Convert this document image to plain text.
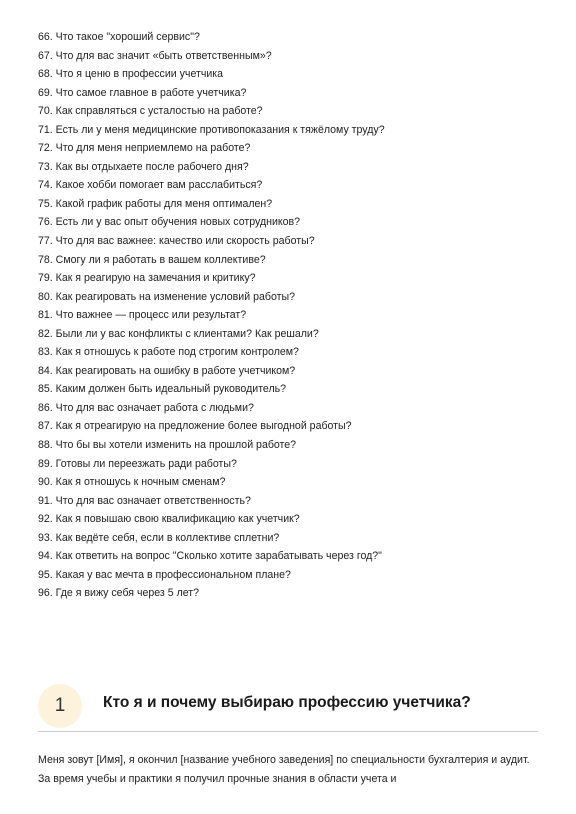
66. Что такое "хороший сервис"?
67. Что для вас значит «быть ответственным»?
68. Что я ценю в профессии учетчика
69. Что самое главное в работе учетчика?
70. Как справляться с усталостью на работе?
71. Есть ли у меня медицинские противопоказания к тяжёлому труду?
72. Что для меня неприемлемо на работе?
73. Как вы отдыхаете после рабочего дня?
74. Какое хобби помогает вам расслабиться?
75. Какой график работы для меня оптимален?
76. Есть ли у вас опыт обучения новых сотрудников?
77. Что для вас важнее: качество или скорость работы?
78. Смогу ли я работать в вашем коллективе?
79. Как я реагирую на замечания и критику?
80. Как реагировать на изменение условий работы?
81. Что важнее — процесс или результат?
82. Были ли у вас конфликты с клиентами? Как решали?
83. Как я отношусь к работе под строгим контролем?
84. Как реагировать на ошибку в работе учетчиком?
85. Каким должен быть идеальный руководитель?
86. Что для вас означает работа с людьми?
87. Как я отреагирую на предложение более выгодной работы?
88. Что бы вы хотели изменить на прошлой работе?
89. Готовы ли переезжать ради работы?
90. Как я отношусь к ночным сменам?
91. Что для вас означает ответственность?
92. Как я повышаю свою квалификацию как учетчик?
93. Как ведёте себя, если в коллективе сплетни?
94. Как ответить на вопрос "Сколько хотите зарабатывать через год?"
95. Какая у вас мечта в профессиональном плане?
96. Где я вижу себя через 5 лет?
1	Кто я и почему выбираю профессию учетчика?

Меня зовут [Имя], я окончил [название учебного заведения] по специальности бухгалтерия и аудит. За время учебы и практики я получил прочные знания в области учета и
